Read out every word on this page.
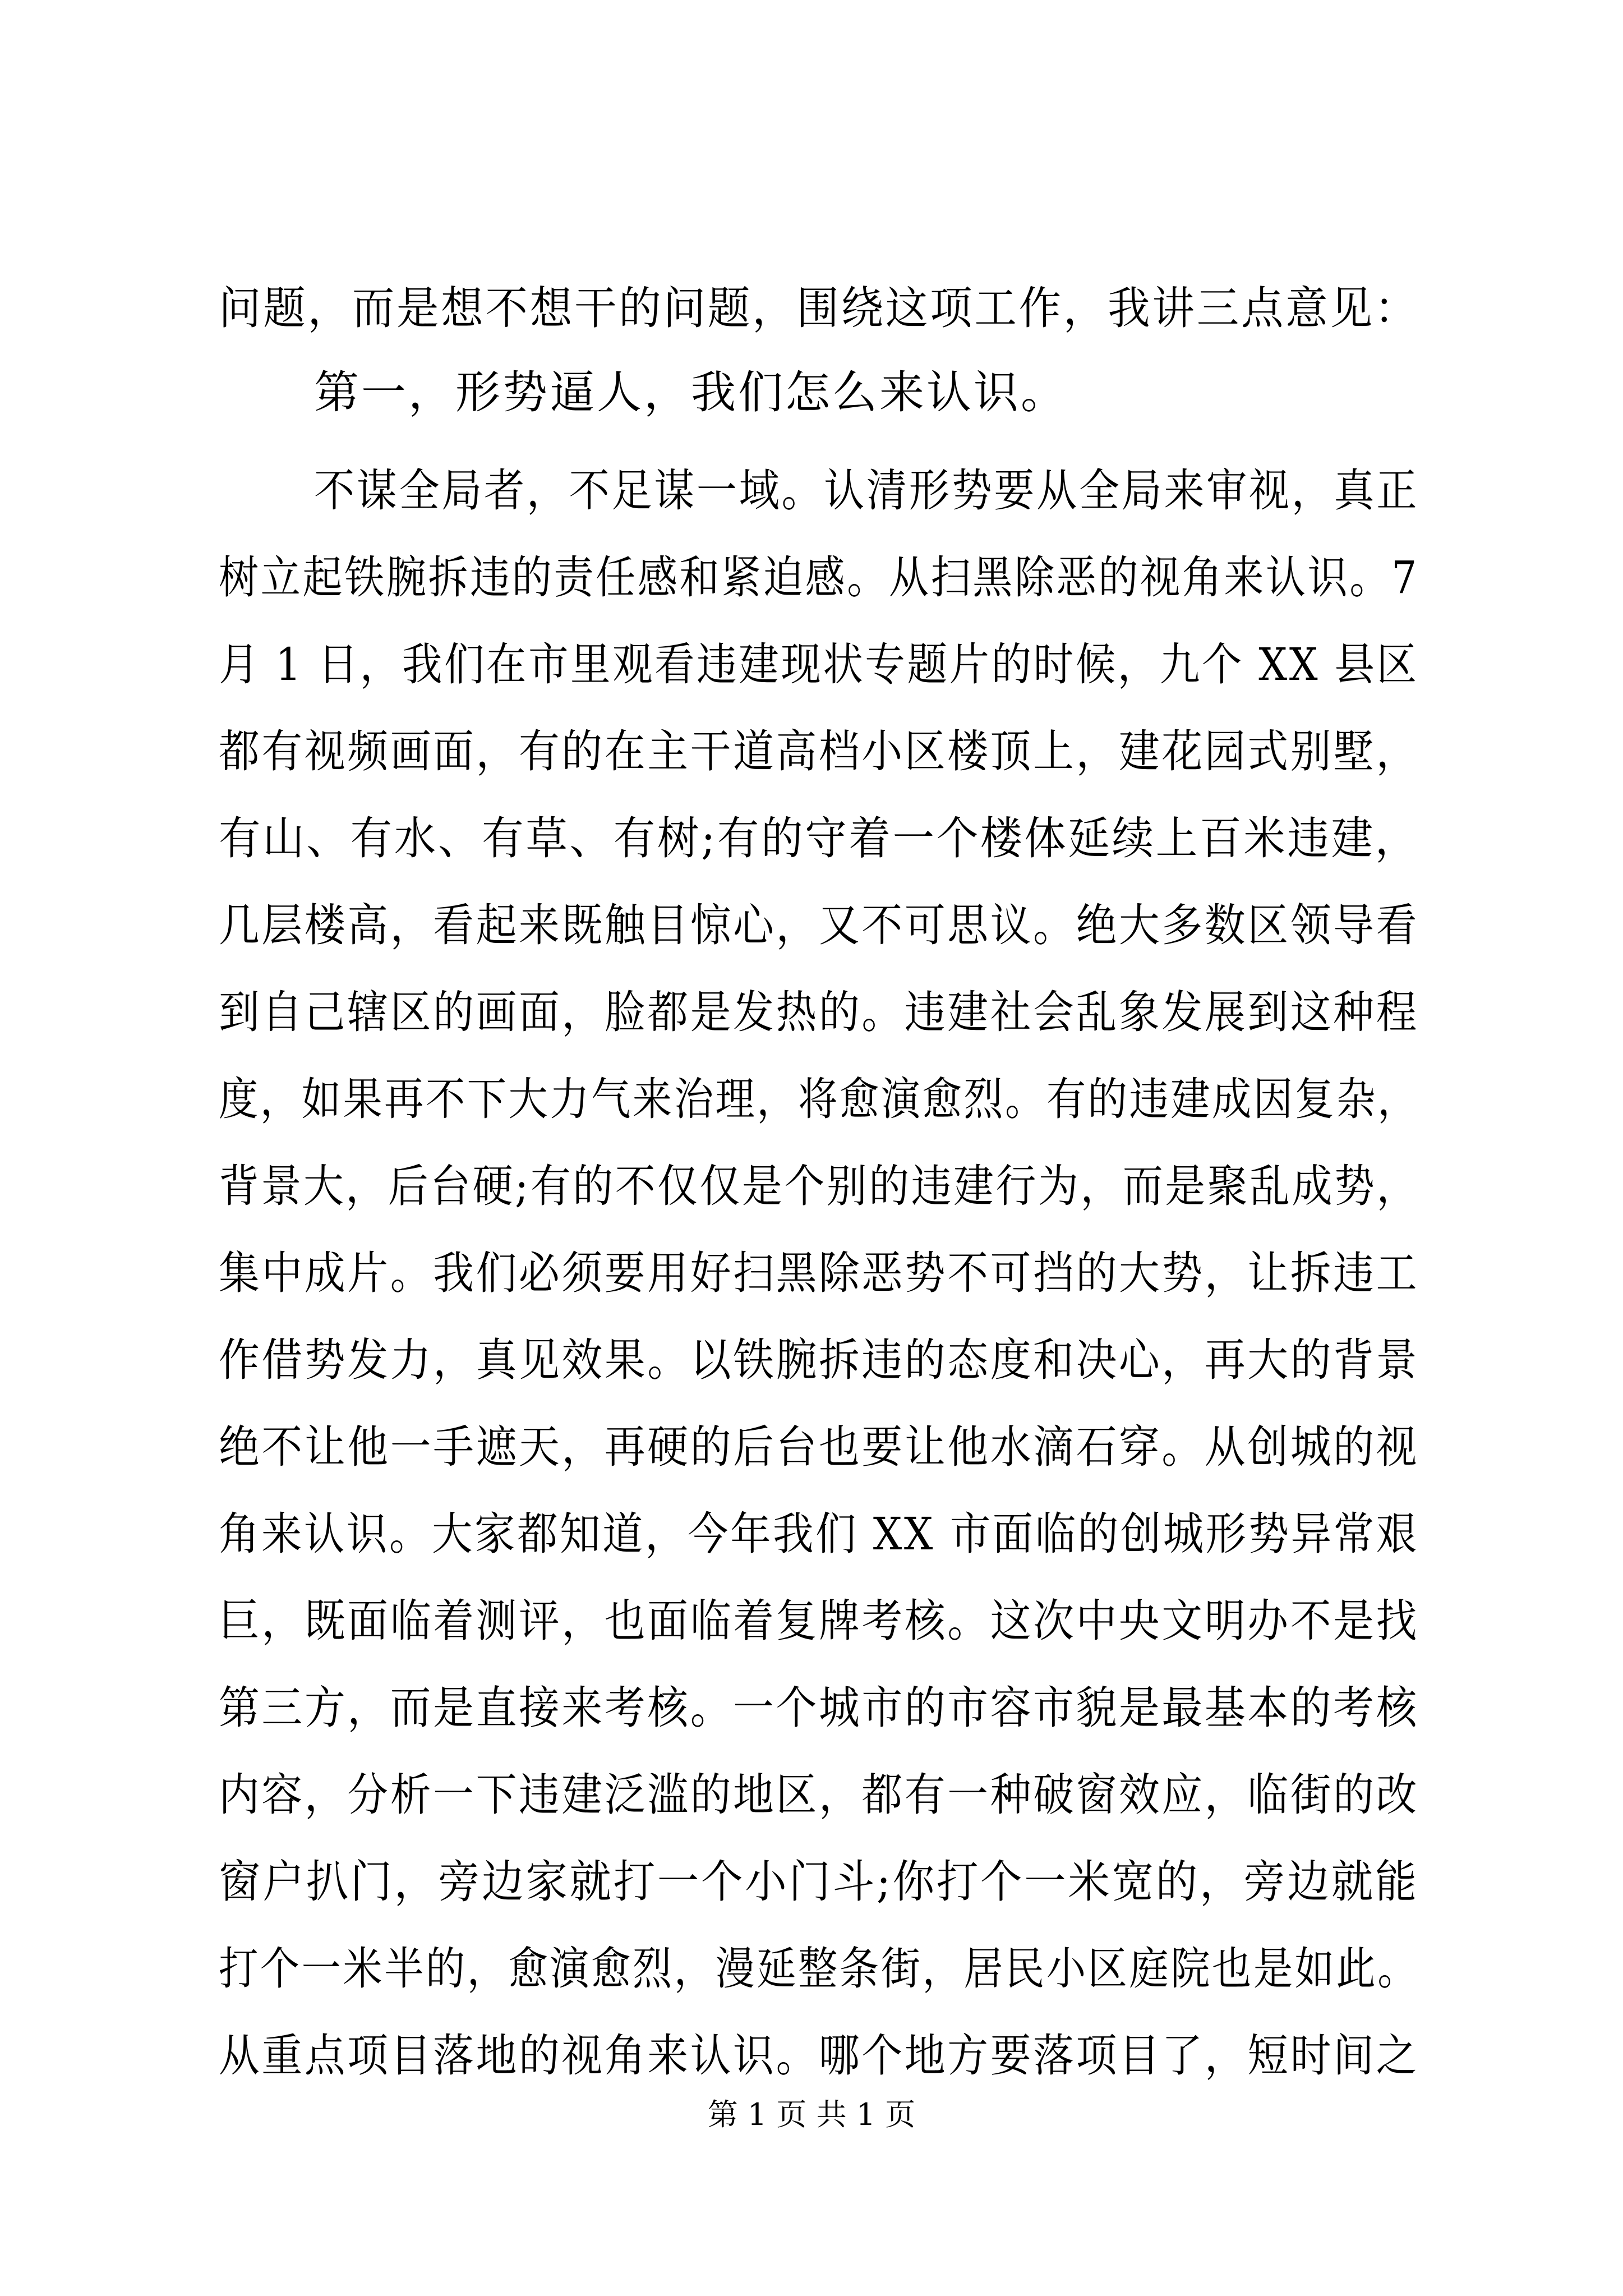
问题，而是想不想干的问题，围绕这项工作，我讲三点意见：
第一，形势逼人，我们怎么来认识。
不谋全局者，不足谋一域。认清形势要从全局来审视，真正
树立起铁腕拆违的责任感和紧迫感。从扫黑除恶的视角来认识。7
月 1 日，我们在市里观看违建现状专题片的时候，九个 XX 县区
都有视频画面，有的在主干道高档小区楼顶上，建花园式别墅，
有山、有水、有草、有树;有的守着一个楼体延续上百米违建，
几层楼高，看起来既触目惊心，又不可思议。绝大多数区领导看
到自己辖区的画面，脸都是发热的。违建社会乱象发展到这种程
度，如果再不下大力气来治理，将愈演愈烈。有的违建成因复杂，
背景大，后台硬;有的不仅仅是个别的违建行为，而是聚乱成势，
集中成片。我们必须要用好扫黑除恶势不可挡的大势，让拆违工
作借势发力，真见效果。以铁腕拆违的态度和决心，再大的背景
绝不让他一手遮天，再硬的后台也要让他水滴石穿。从创城的视
角来认识。大家都知道，今年我们 XX 市面临的创城形势异常艰
巨，既面临着测评，也面临着复牌考核。这次中央文明办不是找
第三方，而是直接来考核。一个城市的市容市貌是最基本的考核
内容，分析一下违建泛滥的地区，都有一种破窗效应，临街的改
窗户扒门，旁边家就打一个小门斗;你打个一米宽的，旁边就能
打个一米半的，愈演愈烈，漫延整条街，居民小区庭院也是如此。
从重点项目落地的视角来认识。哪个地方要落项目了，短时间之
第 1 页 共 1 页
